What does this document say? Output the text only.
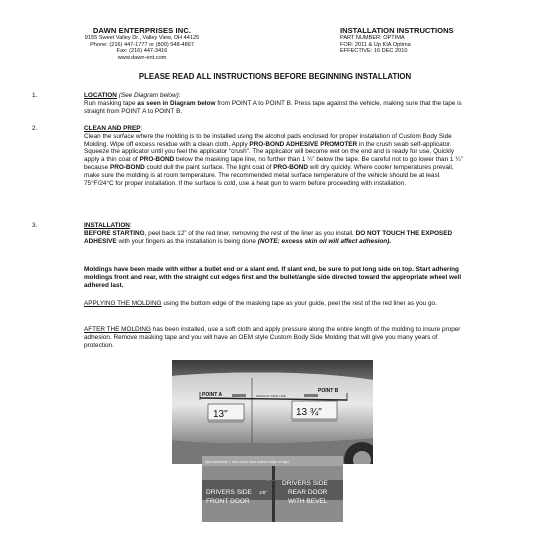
DAWN ENTERPRISES INC.
9155 Sweet Valley Dr., Valley View, OH 44125
Phone: (216) 447-1777 or (800) 548-4867
Fax: (216) 447-3416
www.dawn-ent.com
INSTALLATION INSTRUCTIONS
PART NUMBER: OPTIMA
FOR: 2011 & Up KIA Optima
EFFECTIVE: 16 DEC 2010
PLEASE READ ALL INSTRUCTIONS BEFORE BEGINNING INSTALLATION
1.	LOCATION (See Diagram below):

Run masking tape as seen in Diagram below from POINT A to POINT B. Press tape against the vehicle, making sure that the tape is straight from POINT A to POINT B.

2.	CLEAN AND PREP:

Clean the surface where the molding is to be installed using the alcohol pads enclosed for proper installation of Custom Body Side Molding. Wipe off excess residue with a clean cloth. Apply PRO-BOND ADHESIVE PROMOTER in the crush swab self-applicator. Squeeze the applicator until you feel the applicator “crush”. The applicator will become wet on the end and is ready for use. Quickly apply a thin coat of PRO-BOND below the masking tape line, no further than 1 ¼” below the tape. Be careful not to go lower than 1 ¼” because PRO-BOND could dull the paint surface. The light coat of PRO-BOND will dry quickly. Where cooler temperatures prevail, make sure the molding is at room temperature. The recommended metal surface temperature of the vehicle should be at least 75°F/24°C for proper installation. If the surface is cold, use a heat gun to warm before proceeding with installation.

3.	INSTALLATION:

BEFORE STARTING, peel back 12” of the red liner, removing the rest of the liner as you install. DO NOT TOUCH THE EXPOSED ADHESIVE with your fingers as the installation is being done (NOTE: excess skin oil will affect adhesion).

Moldings have been made with either a bullet end or a slant end. If slant end, be sure to put long side on top. Start adhering moldings front and rear, with the straight cut edges first and the bullet/angle side directed toward the appropriate wheel well adhered last.
APPLYING THE MOLDING using the bottom edge of the masking tape as your guide, peel the rest of the red liner as you go.
AFTER THE MOLDING has been installed, use a soft cloth and apply pressure along the entire length of the molding to insure proper adhesion. Remove masking tape and you will have an OEM style Custom Body Side Molding that will give you many years of protection.
POINT A
POINT B
MASKING TAPE LINE
13"	13 ¾"
Approximately 1 inch down from bottom edge of tape
DRIVERS SIDE
FRONT DOOR
1/8"
DRIVERS SIDE
REAR DOOR
WITH BEVEL
← →
